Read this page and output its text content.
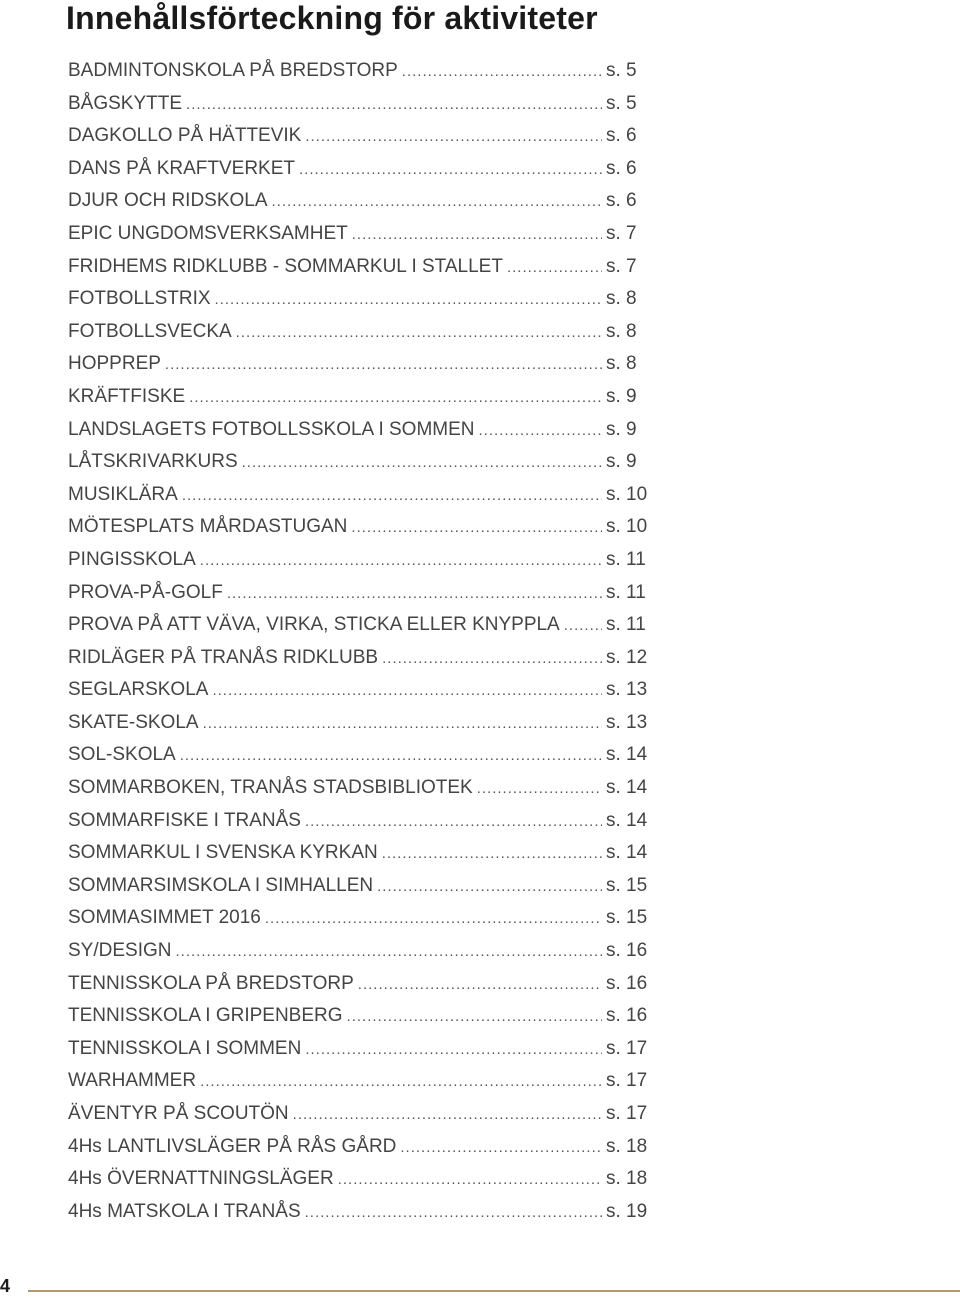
Innehållsförteckning för aktiviteter
BADMINTONSKOLA PÅ BREDSTORP .....	s. 5
BÅGSKYTTE .....	s. 5
DAGKOLLO PÅ HÄTTEVIK .....	s. 6
DANS PÅ KRAFTVERKET .....	s. 6
DJUR OCH RIDSKOLA .....	s. 6
EPIC UNGDOMSVERKSAMHET .....	s. 7
FRIDHEMS RIDKLUBB - SOMMARKUL I STALLET .....	s. 7
FOTBOLLSTRIX .....	s. 8
FOTBOLLSVECKA .....	s. 8
HOPPREP .....	s. 8
KRÄFTFISKE .....	s. 9
LANDSLAGETS FOTBOLLSSKOLA I SOMMEN .....	s. 9
LÅTSKRIVARKURS .....	s. 9
MUSIKLÄRA .....	s. 10
MÖTESPLATS MÅRDASTUGAN .....	s. 10
PINGISSKOLA .....	s. 11
PROVA-PÅ-GOLF .....	s. 11
PROVA PÅ ATT VÄVA, VIRKA, STICKA ELLER KNYPPLA ..... s. 11
RIDLÄGER PÅ TRANÅS RIDKLUBB .....	s. 12
SEGLARSKOLA .....	s. 13
SKATE-SKOLA .....	s. 13
SOL-SKOLA .....	s. 14
SOMMARBOKEN, TRANÅS STADSBIBLIOTEK .....	s. 14
SOMMARFISKE I TRANÅS .....	s. 14
SOMMARKUL I SVENSKA KYRKAN .....	s. 14
SOMMARSIMSKOLA I SIMHALLEN .....	s. 15
SOMMASIMMET 2016 .....	s. 15
SY/DESIGN .....	s. 16
TENNISSKOLA PÅ BREDSTORP .....	s. 16
TENNISSKOLA I GRIPENBERG .....	s. 16
TENNISSKOLA I SOMMEN .....	s. 17
WARHAMMER .....	s. 17
ÄVENTYR PÅ SCOUTÖN .....	s. 17
4Hs LANTLIVSLÄGER PÅ RÅS GÅRD .....	s. 18
4Hs ÖVERNATTNINGSLÄGER .....	s. 18
4Hs MATSKOLA I TRANÅS .....	s. 19
4
